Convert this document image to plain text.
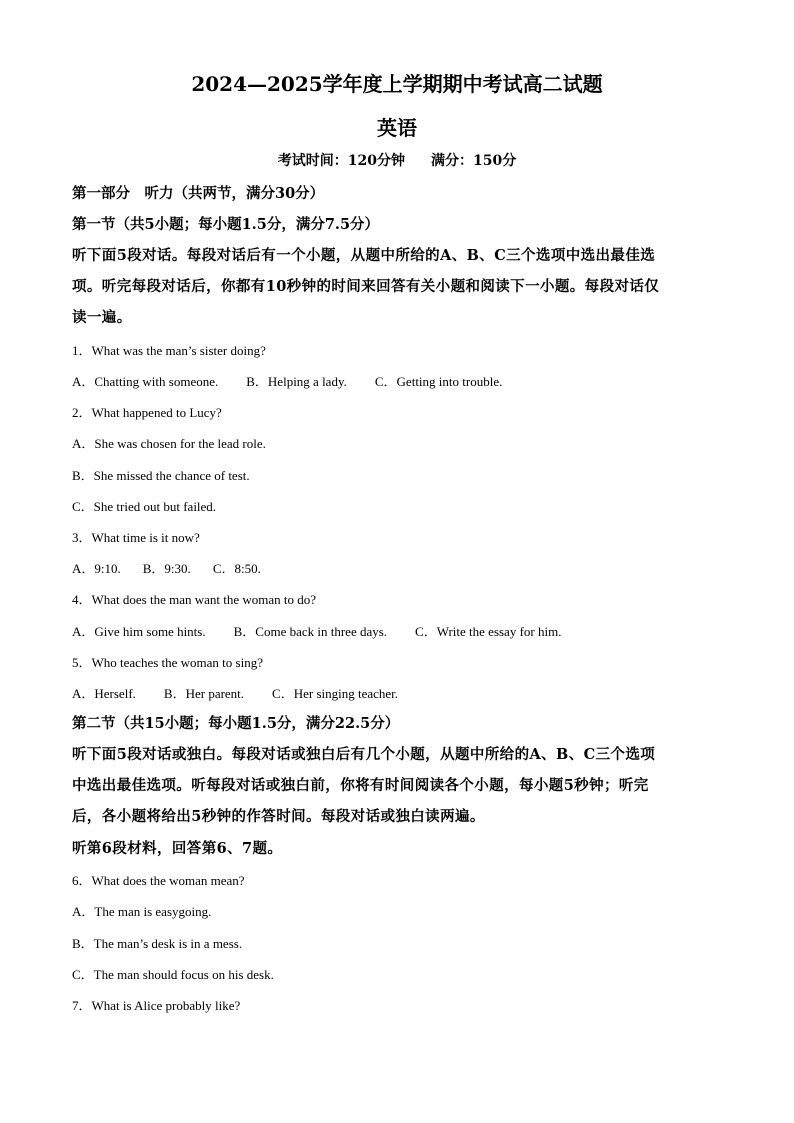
2024—2025学年度上学期期中考试高二试题
英语
考试时间：120分钟 满分：150分
第一部分　听力（共两节，满分30分）
第一节（共5小题；每小题1.5分，满分7.5分）
听下面5段对话。每段对话后有一个小题，从题中所给的A、B、C三个选项中选出最佳选
项。听完每段对话后，你都有10秒钟的时间来回答有关小题和阅读下一小题。每段对话仅
读一遍。
1．What was the man’s sister doing?
A．Chatting with someone. B．Helping a lady. C．Getting into trouble.
2．What happened to Lucy?
A．She was chosen for the lead role.
B．She missed the chance of test.
C．She tried out but failed.
3．What time is it now?
A．9:10. B．9:30. C．8:50.
4．What does the man want the woman to do?
A．Give him some hints. B．Come back in three days. C．Write the essay for him.
5．Who teaches the woman to sing?
A．Herself. B．Her parent. C．Her singing teacher.
第二节（共15小题；每小题1.5分，满分22.5分）
听下面5段对话或独白。每段对话或独白后有几个小题，从题中所给的A、B、C三个选项
中选出最佳选项。听每段对话或独白前，你将有时间阅读各个小题，每小题5秒钟；听完
后，各小题将给出5秒钟的作答时间。每段对话或独白读两遍。
听第6段材料，回答第6、7题。
6．What does the woman mean?
A．The man is easygoing.
B．The man’s desk is in a mess.
C．The man should focus on his desk.
7．What is Alice probably like?
